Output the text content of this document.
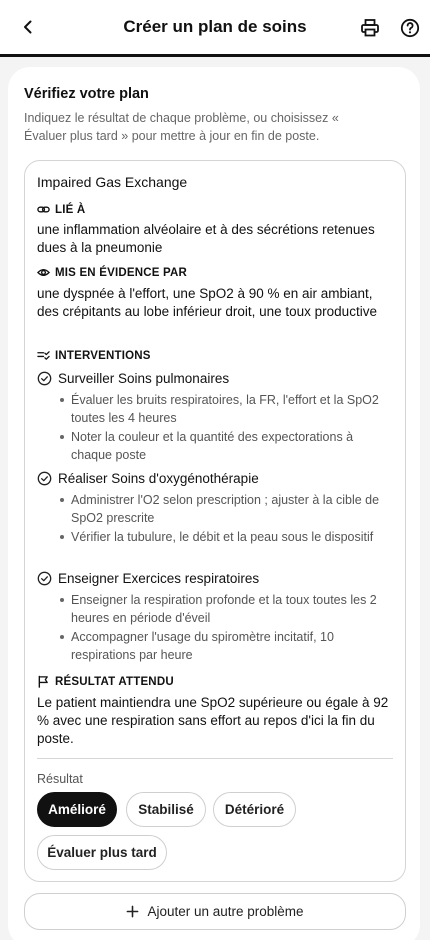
Créer un plan de soins
Vérifiez votre plan
Indiquez le résultat de chaque problème, ou choisissez « Évaluer plus tard » pour mettre à jour en fin de poste.
Impaired Gas Exchange
LIÉ À
une inflammation alvéolaire et à des sécrétions retenues dues à la pneumonie
MIS EN ÉVIDENCE PAR
une dyspnée à l'effort, une SpO2 à 90 % en air ambiant, des crépitants au lobe inférieur droit, une toux productive
INTERVENTIONS
Surveiller Soins pulmonaires
Évaluer les bruits respiratoires, la FR, l'effort et la SpO2 toutes les 4 heures
Noter la couleur et la quantité des expectorations à chaque poste
Réaliser Soins d'oxygénothérapie
Administrer l'O2 selon prescription ; ajuster à la cible de SpO2 prescrite
Vérifier la tubulure, le débit et la peau sous le dispositif
Enseigner Exercices respiratoires
Enseigner la respiration profonde et la toux toutes les 2 heures en période d'éveil
Accompagner l'usage du spiromètre incitatif, 10 respirations par heure
RÉSULTAT ATTENDU
Le patient maintiendra une SpO2 supérieure ou égale à 92 % avec une respiration sans effort au repos d'ici la fin du poste.
Résultat
Amélioré	Stabilisé	Détérioré
Évaluer plus tard
Ajouter un autre problème
